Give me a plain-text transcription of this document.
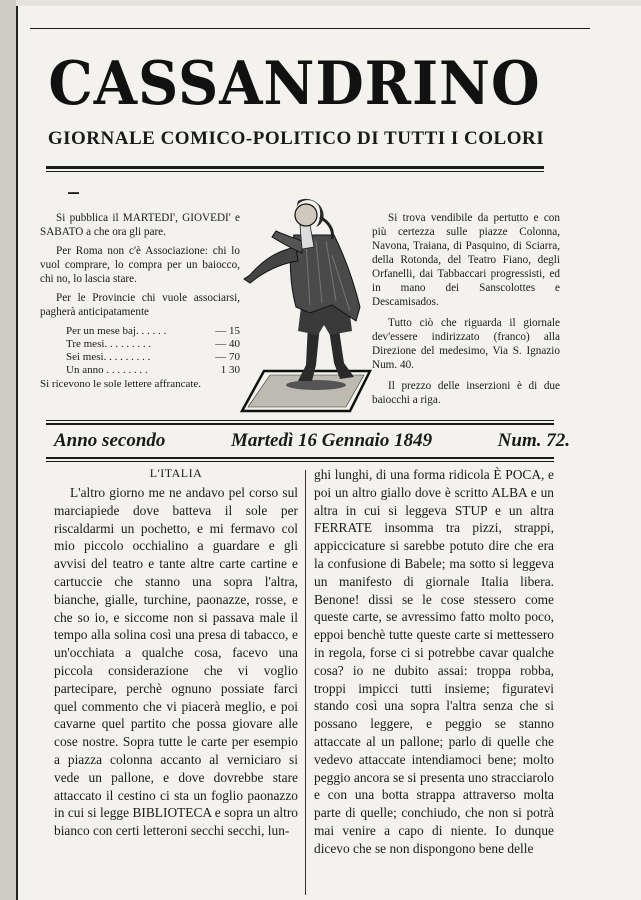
CASSANDRINO
GIORNALE COMICO-POLITICO DI TUTTI I COLORI
▬▬

Si pubblica il MARTEDI', GIOVEDI' e SABATO a che ora gli pare.

Per Roma non c'è Associazione: chi lo vuol comprare, lo compra per un baiocco, chi no, lo lascia stare.

Per le Provincie chi vuole associarsi, pagherà anticipatamente

Per un mese baj. . . . . .	— 15
Tre mesi. . . . . . . . .	— 40
Sei mesi. . . . . . . . .	— 70
Un anno . . . . . . . .	1 30
Si ricevono le sole lettere affrancate.

Si trova vendibile da pertutto e con più certezza sulle piazze Colonna, Navona, Traiana, di Pasquino, di Sciarra, della Rotonda, del Teatro Fiano, degli Orfanelli, dai Tabbaccari progressisti, ed in mano dei Sanscolottes e Descamisados.

Tutto ciò che riguarda il giornale dev'essere indirizzato (franco) alla Direzione del medesimo, Via S. Ignazio Num. 40.

Il prezzo delle inserzioni è di due baiocchi a riga.

Anno secondo	Martedì 16 Gennaio 1849	Num. 72.
L'ITALIA

L'altro giorno me ne andavo pel corso sul marciapiede dove batteva il sole per riscaldarmi un pochetto, e mi fermavo col mio piccolo occhialino a guardare e gli avvisi del teatro e tante altre carte cartine e cartuccie che stanno una sopra l'altra, bianche, gialle, turchine, paonazze, rosse, e che so io, e siccome non si passava male il tempo alla solina così una presa di tabacco, e un'occhiata a qualche cosa, facevo una piccola considerazione che vi voglio partecipare, perchè ognuno possiate farci quel commento che vi piacerà meglio, e poi cavarne quel partito che possa giovare alle cose nostre. Sopra tutte le carte per esempio a piazza colonna accanto al verniciaro si vede un pallone, e dove dovrebbe stare attaccato il cestino ci sta un foglio paonazzo in cui si legge BIBLIOTECA e sopra un altro bianco con certi letteroni secchi secchi, lun-

ghi lunghi, di una forma ridicola È POCA, e poi un altro giallo dove è scritto ALBA e un altra in cui si leggeva STUP e un altra FERRATE insomma tra pizzi, strappi, appiccicature si sarebbe potuto dire che era la confusione di Babele; ma sotto si leggeva un manifesto di giornale Italia libera. Benone! dissi se le cose stessero come queste carte, se avressimo fatto molto poco, eppoi benchè tutte queste carte si mettessero in regola, forse ci si potrebbe cavar qualche cosa? io ne dubito assai: troppa robba, troppi impicci tutti insieme; figuratevi stando così una sopra l'altra senza che si possano leggere, e peggio se stanno attaccate al un pallone; parlo di quelle che vedevo attaccate intendiamoci bene; molto peggio ancora se si presenta uno stracciarolo e con una botta strappa attraverso molta parte di quelle; conchiudo, che non si potrà mai venire a capo di niente. Io dunque dicevo che se non dispongono bene delle
